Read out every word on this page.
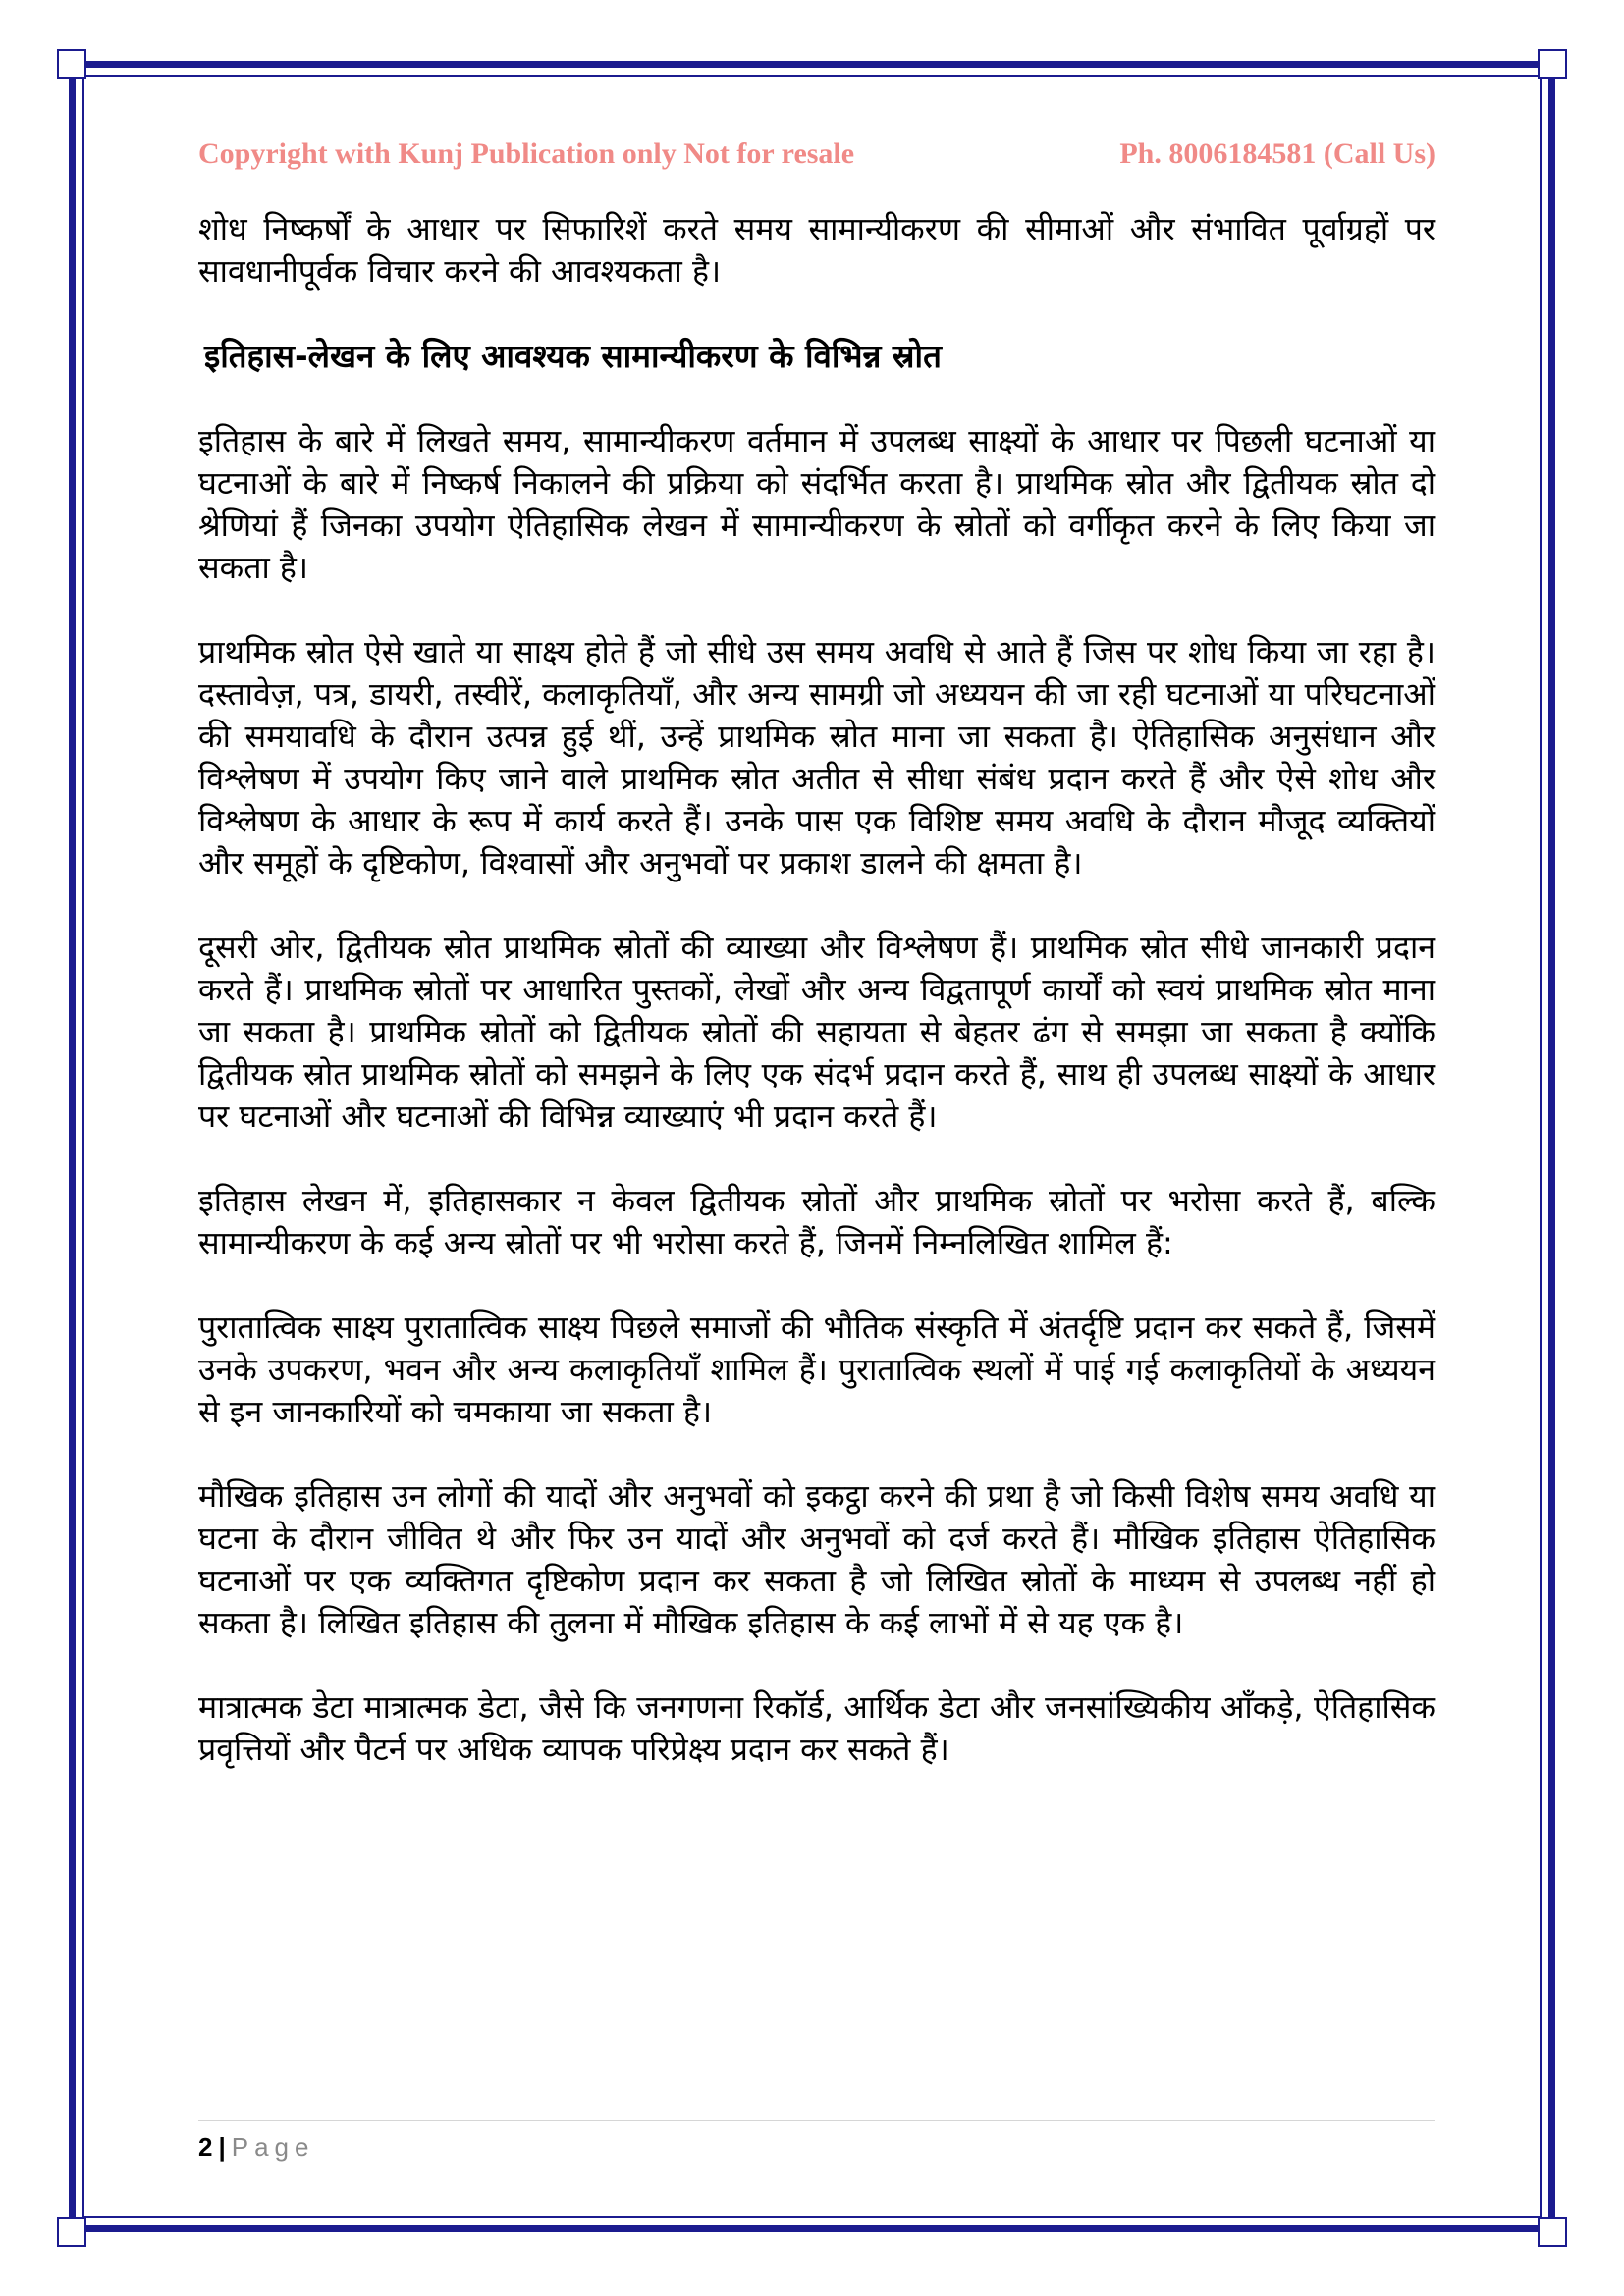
Copyright with Kunj Publication only Not for resale	Ph. 8006184581 (Call Us)

शोध निष्कर्षों के आधार पर सिफारिशें करते समय सामान्यीकरण की सीमाओं और संभावित पूर्वाग्रहों पर सावधानीपूर्वक विचार करने की आवश्यकता है।

इतिहास-लेखन के लिए आवश्यक सामान्यीकरण के विभिन्न स्रोत

इतिहास के बारे में लिखते समय, सामान्यीकरण वर्तमान में उपलब्ध साक्ष्यों के आधार पर पिछली घटनाओं या घटनाओं के बारे में निष्कर्ष निकालने की प्रक्रिया को संदर्भित करता है। प्राथमिक स्रोत और द्वितीयक स्रोत दो श्रेणियां हैं जिनका उपयोग ऐतिहासिक लेखन में सामान्यीकरण के स्रोतों को वर्गीकृत करने के लिए किया जा सकता है।

प्राथमिक स्रोत ऐसे खाते या साक्ष्य होते हैं जो सीधे उस समय अवधि से आते हैं जिस पर शोध किया जा रहा है। दस्तावेज़, पत्र, डायरी, तस्वीरें, कलाकृतियाँ, और अन्य सामग्री जो अध्ययन की जा रही घटनाओं या परिघटनाओं की समयावधि के दौरान उत्पन्न हुई थीं, उन्हें प्राथमिक स्रोत माना जा सकता है। ऐतिहासिक अनुसंधान और विश्लेषण में उपयोग किए जाने वाले प्राथमिक स्रोत अतीत से सीधा संबंध प्रदान करते हैं और ऐसे शोध और विश्लेषण के आधार के रूप में कार्य करते हैं। उनके पास एक विशिष्ट समय अवधि के दौरान मौजूद व्यक्तियों और समूहों के दृष्टिकोण, विश्वासों और अनुभवों पर प्रकाश डालने की क्षमता है।

दूसरी ओर, द्वितीयक स्रोत प्राथमिक स्रोतों की व्याख्या और विश्लेषण हैं। प्राथमिक स्रोत सीधे जानकारी प्रदान करते हैं। प्राथमिक स्रोतों पर आधारित पुस्तकों, लेखों और अन्य विद्वतापूर्ण कार्यों को स्वयं प्राथमिक स्रोत माना जा सकता है। प्राथमिक स्रोतों को द्वितीयक स्रोतों की सहायता से बेहतर ढंग से समझा जा सकता है क्योंकि द्वितीयक स्रोत प्राथमिक स्रोतों को समझने के लिए एक संदर्भ प्रदान करते हैं, साथ ही उपलब्ध साक्ष्यों के आधार पर घटनाओं और घटनाओं की विभिन्न व्याख्याएं भी प्रदान करते हैं।

इतिहास लेखन में, इतिहासकार न केवल द्वितीयक स्रोतों और प्राथमिक स्रोतों पर भरोसा करते हैं, बल्कि सामान्यीकरण के कई अन्य स्रोतों पर भी भरोसा करते हैं, जिनमें निम्नलिखित शामिल हैं:

पुरातात्विक साक्ष्य पुरातात्विक साक्ष्य पिछले समाजों की भौतिक संस्कृति में अंतर्दृष्टि प्रदान कर सकते हैं, जिसमें उनके उपकरण, भवन और अन्य कलाकृतियाँ शामिल हैं। पुरातात्विक स्थलों में पाई गई कलाकृतियों के अध्ययन से इन जानकारियों को चमकाया जा सकता है।

मौखिक इतिहास उन लोगों की यादों और अनुभवों को इकट्ठा करने की प्रथा है जो किसी विशेष समय अवधि या घटना के दौरान जीवित थे और फिर उन यादों और अनुभवों को दर्ज करते हैं। मौखिक इतिहास ऐतिहासिक घटनाओं पर एक व्यक्तिगत दृष्टिकोण प्रदान कर सकता है जो लिखित स्रोतों के माध्यम से उपलब्ध नहीं हो सकता है। लिखित इतिहास की तुलना में मौखिक इतिहास के कई लाभों में से यह एक है।

मात्रात्मक डेटा मात्रात्मक डेटा, जैसे कि जनगणना रिकॉर्ड, आर्थिक डेटा और जनसांख्यिकीय आँकड़े, ऐतिहासिक प्रवृत्तियों और पैटर्न पर अधिक व्यापक परिप्रेक्ष्य प्रदान कर सकते हैं।

2 | Page
